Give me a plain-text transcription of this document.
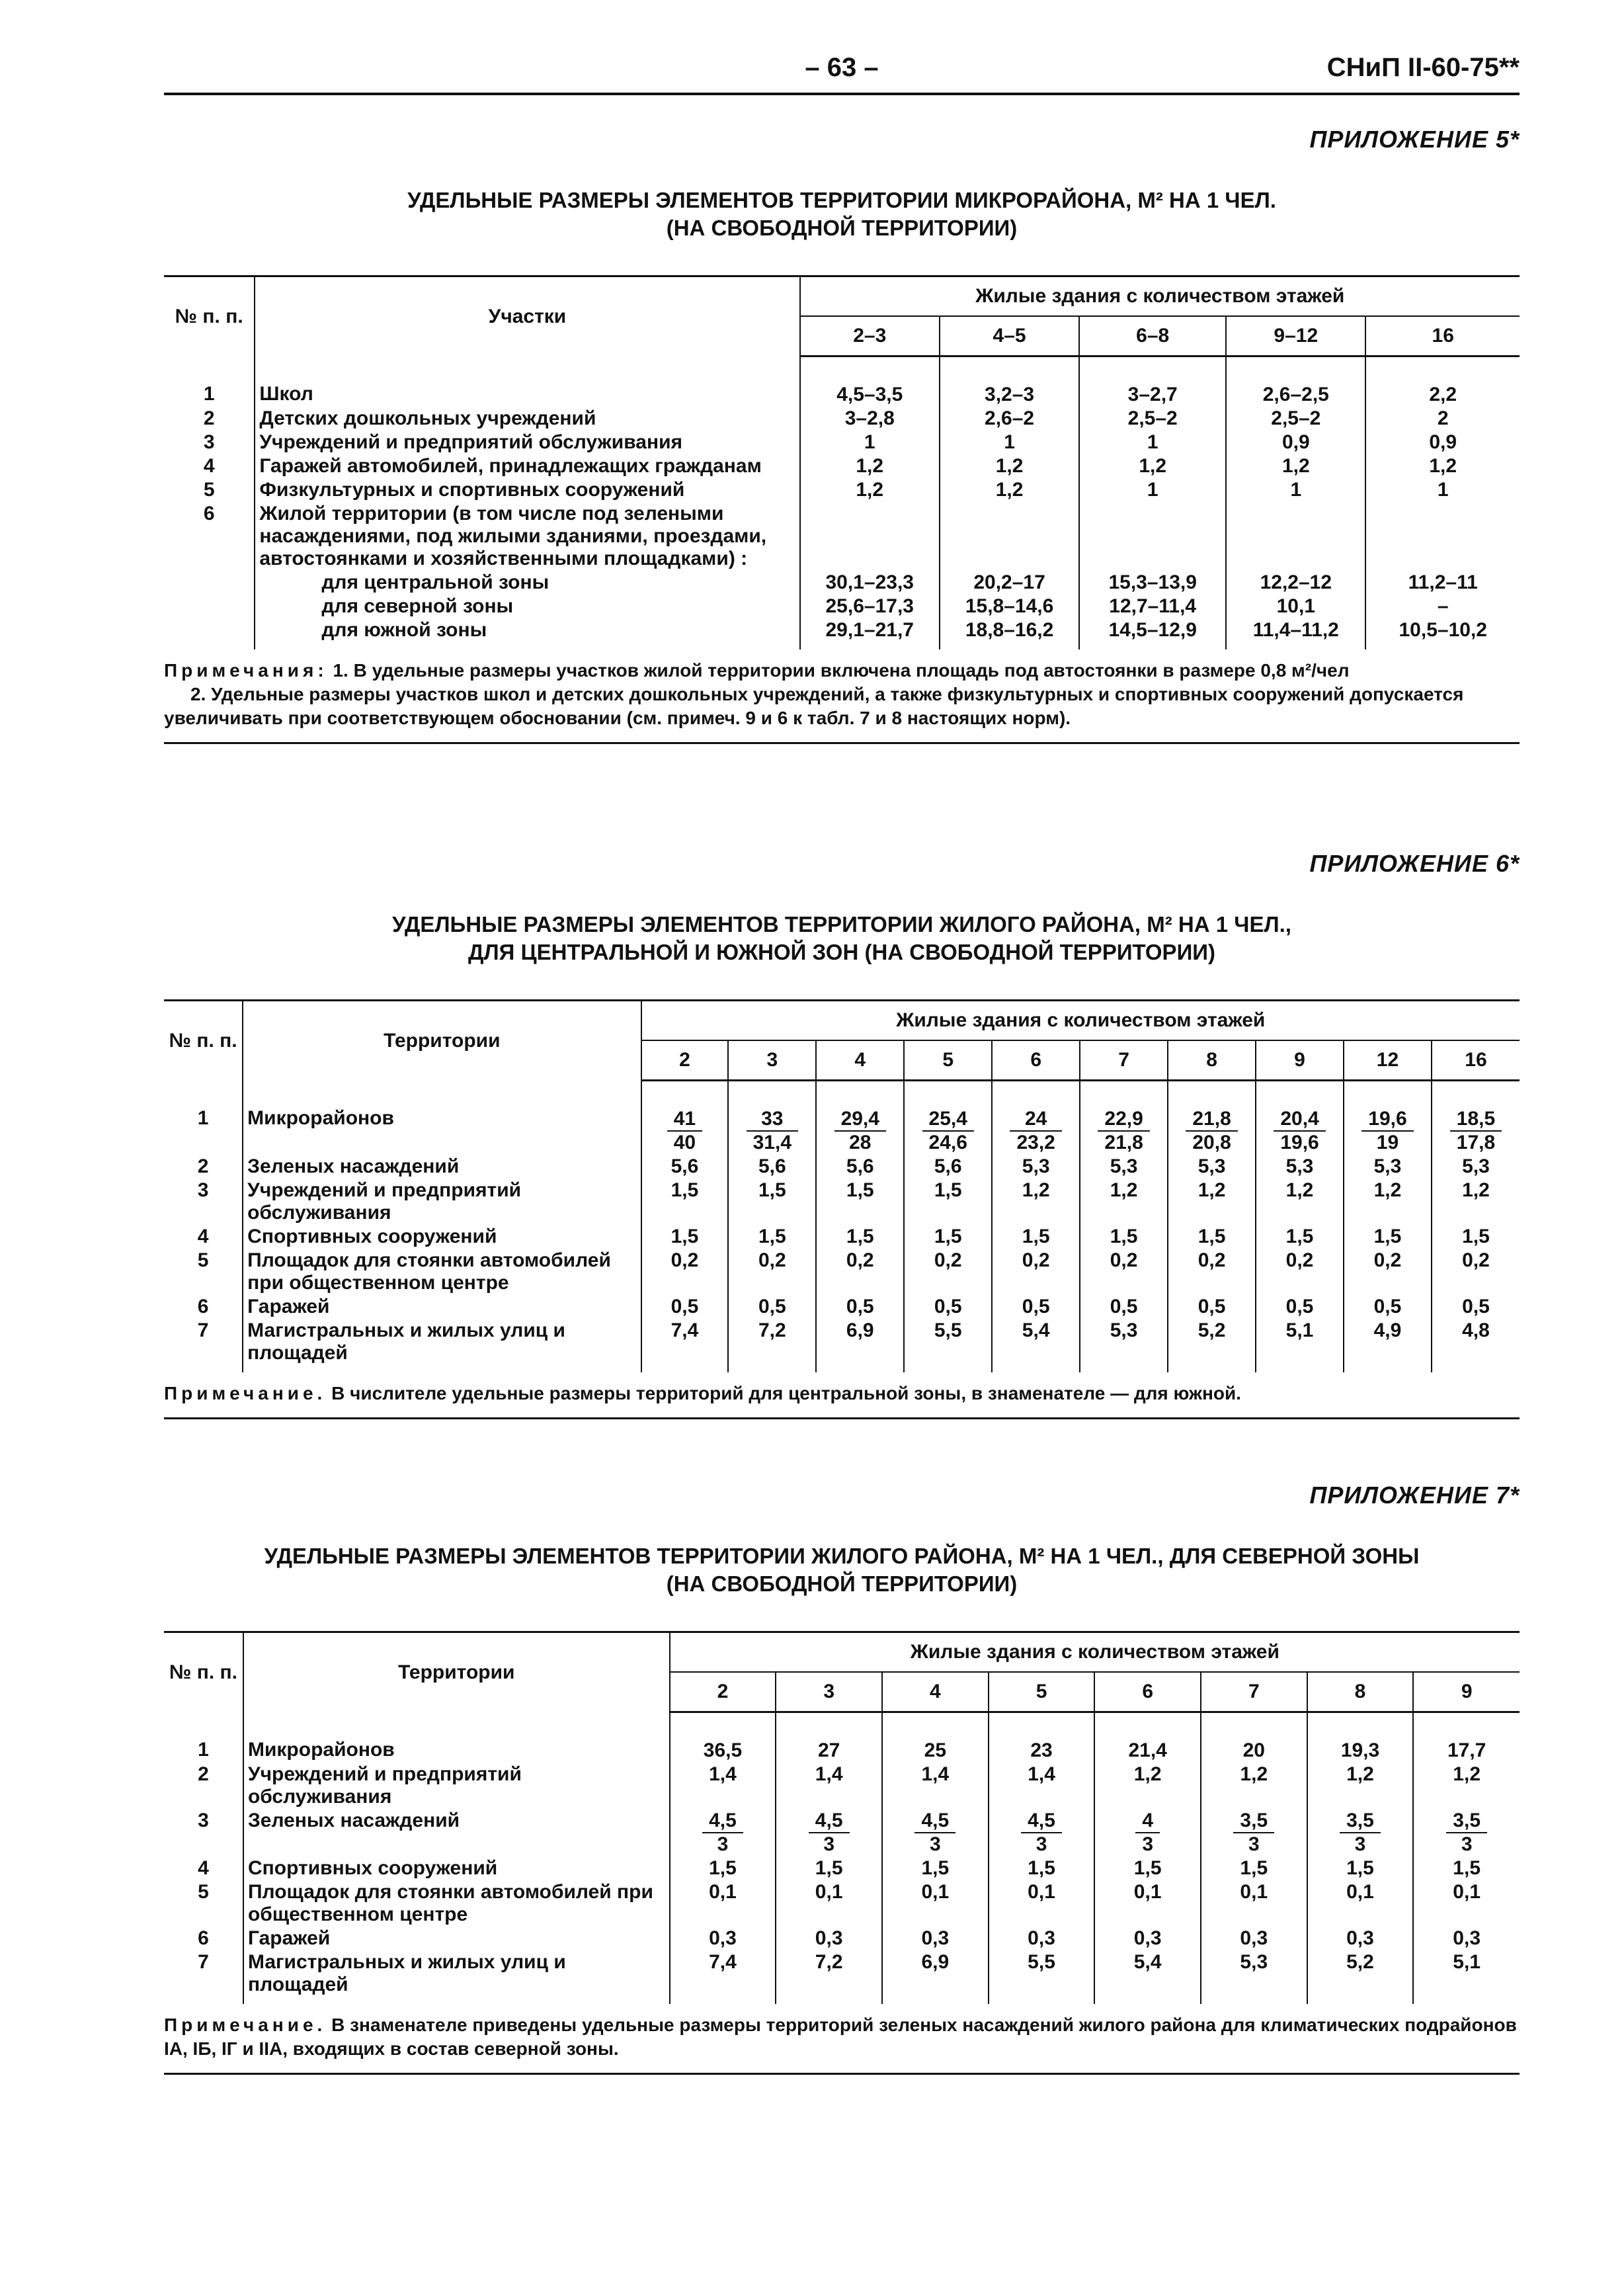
– 63 –	СНиП II-60-75**
ПРИЛОЖЕНИЕ 5*
УДЕЛЬНЫЕ РАЗМЕРЫ ЭЛЕМЕНТОВ ТЕРРИТОРИИ МИКРОРАЙОНА, М² НА 1 ЧЕЛ.
(НА СВОБОДНОЙ ТЕРРИТОРИИ)
№ п. п.	Участки	Жилые здания с количеством этажей				
		2–3	4–5	6–8	9–12	16
1	Школ	4,5–3,5	3,2–3	3–2,7	2,6–2,5	2,2
2	Детских дошкольных учреждений	3–2,8	2,6–2	2,5–2	2,5–2	2
3	Учреждений и предприятий обслуживания	1	1	1	0,9	0,9
4	Гаражей автомобилей, принадлежащих гражданам	1,2	1,2	1,2	1,2	1,2
5	Физкультурных и спортивных сооружений	1,2	1,2	1	1	1
6	Жилой территории (в том числе под зелеными насаждениями, под жилыми зданиями, проездами, автостоянками и хозяйственными площадками) :					
	для центральной зоны	30,1–23,3	20,2–17	15,3–13,9	12,2–12	11,2–11
	для северной зоны	25,6–17,3	15,8–14,6	12,7–11,4	10,1	–
	для южной зоны	29,1–21,7	18,8–16,2	14,5–12,9	11,4–11,2	10,5–10,2
Примечания: 1. В удельные размеры участков жилой территории включена площадь под автостоянки в размере 0,8 м²/чел
2. Удельные размеры участков школ и детских дошкольных учреждений, а также физкультурных и спортивных сооружений допускается увеличивать при соответствующем обосновании (см. примеч. 9 и 6 к табл. 7 и 8 настоящих норм).
ПРИЛОЖЕНИЕ 6*
УДЕЛЬНЫЕ РАЗМЕРЫ ЭЛЕМЕНТОВ ТЕРРИТОРИИ ЖИЛОГО РАЙОНА, М² НА 1 ЧЕЛ.,
ДЛЯ ЦЕНТРАЛЬНОЙ И ЮЖНОЙ ЗОН (НА СВОБОДНОЙ ТЕРРИТОРИИ)
№ п. п.	Территории	Жилые здания с количеством этажей									
		2	3	4	5	6	7	8	9	12	16
1	Микрорайонов	$\frac{41}{40}$	$\frac{33}{31,4}$	$\frac{29,4}{28}$	$\frac{25,4}{24,6}$	$\frac{24}{23,2}$	$\frac{22,9}{21,8}$	$\frac{21,8}{20,8}$	$\frac{20,4}{19,6}$	$\frac{19,6}{19}$	$\frac{18,5}{17,8}$

2	Зеленых насаждений	5,6	5,6	5,6	5,6	5,3	5,3	5,3	5,3	5,3	5,3
3	Учреждений и предприятий обслуживания	1,5	1,5	1,5	1,5	1,2	1,2	1,2	1,2	1,2	1,2
4	Спортивных сооружений	1,5	1,5	1,5	1,5	1,5	1,5	1,5	1,5	1,5	1,5
5	Площадок для стоянки автомобилей при общественном центре	0,2	0,2	0,2	0,2	0,2	0,2	0,2	0,2	0,2	0,2
6	Гаражей	0,5	0,5	0,5	0,5	0,5	0,5	0,5	0,5	0,5	0,5
7	Магистральных и жилых улиц и площадей	7,4	7,2	6,9	5,5	5,4	5,3	5,2	5,1	4,9	4,8
Примечание. В числителе удельные размеры территорий для центральной зоны, в знаменателе — для южной.
ПРИЛОЖЕНИЕ 7*
УДЕЛЬНЫЕ РАЗМЕРЫ ЭЛЕМЕНТОВ ТЕРРИТОРИИ ЖИЛОГО РАЙОНА, М² НА 1 ЧЕЛ., ДЛЯ СЕВЕРНОЙ ЗОНЫ
(НА СВОБОДНОЙ ТЕРРИТОРИИ)
№ п. п.	Территории	Жилые здания с количеством этажей							
		2	3	4	5	6	7	8	9
1	Микрорайонов	36,5	27	25	23	21,4	20	19,3	17,7
2	Учреждений и предприятий обслуживания	1,4	1,4	1,4	1,4	1,2	1,2	1,2	1,2
3	Зеленых насаждений	$\frac{4,5}{3}$	$\frac{4,5}{3}$	$\frac{4,5}{3}$	$\frac{4,5}{3}$	$\frac{4}{3}$	$\frac{3,5}{3}$	$\frac{3,5}{3}$	$\frac{3,5}{3}$

4	Спортивных сооружений	1,5	1,5	1,5	1,5	1,5	1,5	1,5	1,5
5	Площадок для стоянки автомобилей при общественном центре	0,1	0,1	0,1	0,1	0,1	0,1	0,1	0,1
6	Гаражей	0,3	0,3	0,3	0,3	0,3	0,3	0,3	0,3
7	Магистральных и жилых улиц и площадей	7,4	7,2	6,9	5,5	5,4	5,3	5,2	5,1
Примечание. В знаменателе приведены удельные размеры территорий зеленых насаждений жилого района для климатических подрайонов IА, IБ, IГ и IIА, входящих в состав северной зоны.
